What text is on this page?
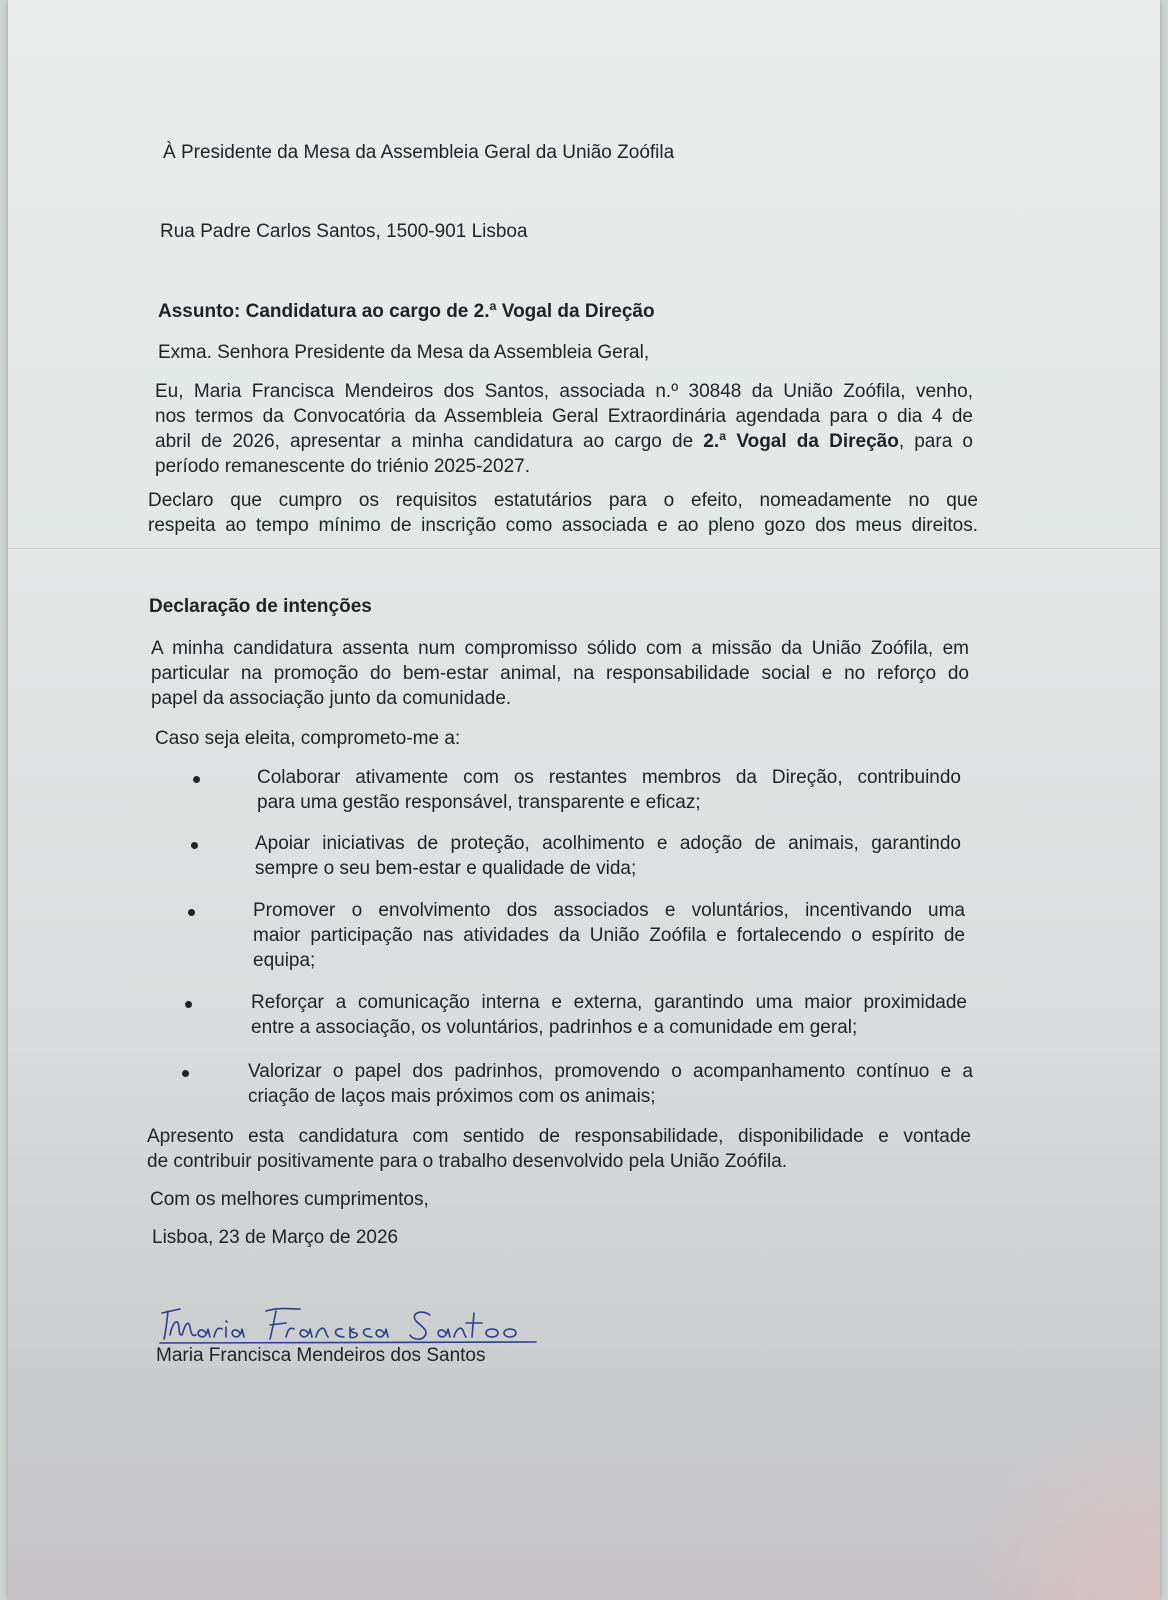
À Presidente da Mesa da Assembleia Geral da União Zoófila
Rua Padre Carlos Santos, 1500-901 Lisboa
Assunto: Candidatura ao cargo de 2.ª Vogal da Direção
Exma. Senhora Presidente da Mesa da Assembleia Geral,
Eu, Maria Francisca Mendeiros dos Santos, associada n.º 30848 da União Zoófila, venho,
nos termos da Convocatória da Assembleia Geral Extraordinária agendada para o dia 4 de
abril de 2026, apresentar a minha candidatura ao cargo de 2.ª Vogal da Direção, para o
período remanescente do triénio 2025-2027.
Declaro que cumpro os requisitos estatutários para o efeito, nomeadamente no que
respeita ao tempo mínimo de inscrição como associada e ao pleno gozo dos meus direitos.
Declaração de intenções
A minha candidatura assenta num compromisso sólido com a missão da União Zoófila, em
particular na promoção do bem-estar animal, na responsabilidade social e no reforço do
papel da associação junto da comunidade.
Caso seja eleita, comprometo-me a:
Colaborar ativamente com os restantes membros da Direção, contribuindo
para uma gestão responsável, transparente e eficaz;
Apoiar iniciativas de proteção, acolhimento e adoção de animais, garantindo
sempre o seu bem-estar e qualidade de vida;
Promover o envolvimento dos associados e voluntários, incentivando uma
maior participação nas atividades da União Zoófila e fortalecendo o espírito de
equipa;
Reforçar a comunicação interna e externa, garantindo uma maior proximidade
entre a associação, os voluntários, padrinhos e a comunidade em geral;
Valorizar o papel dos padrinhos, promovendo o acompanhamento contínuo e a
criação de laços mais próximos com os animais;
Apresento esta candidatura com sentido de responsabilidade, disponibilidade e vontade
de contribuir positivamente para o trabalho desenvolvido pela União Zoófila.
Com os melhores cumprimentos,
Lisboa, 23 de Março de 2026
Maria Francisca Mendeiros dos Santos
